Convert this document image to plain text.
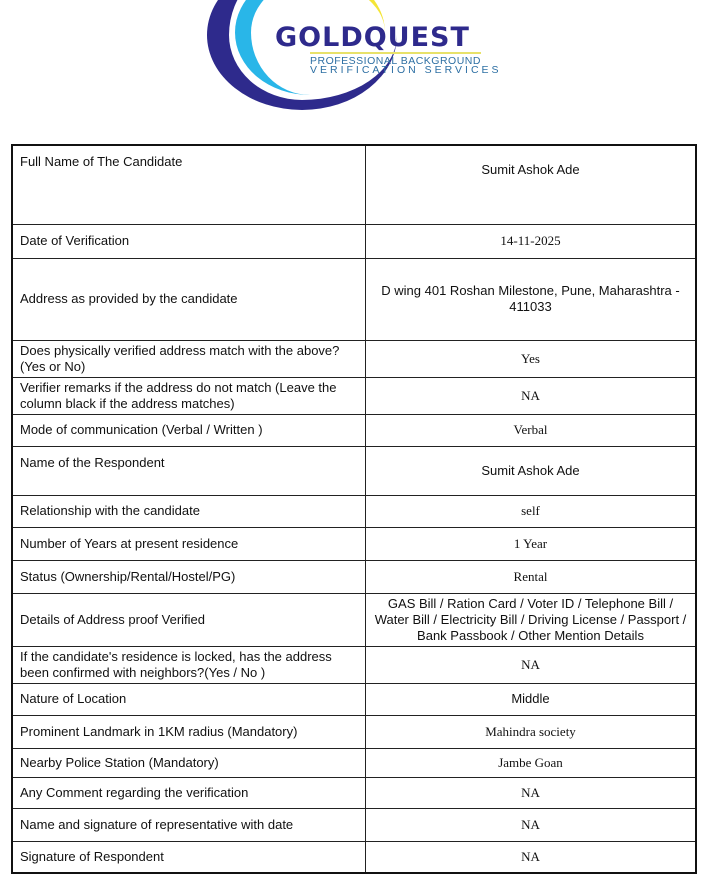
GOLDQUEST
PROFESSIONAL BACKGROUND
VERIFICATION SERVICES
Full Name of The Candidate	Sumit Ashok Ade
Date of Verification	14-11-2025
Address as provided by the candidate	D wing 401 Roshan Milestone, Pune, Maharashtra - 411033
Does physically verified address match with the above? (Yes or No)	Yes
Verifier remarks if the address do not match (Leave the column black if the address matches)	NA
Mode of communication (Verbal / Written )	Verbal
Name of the Respondent	Sumit Ashok Ade
Relationship with the candidate	self
Number of Years at present residence	1 Year
Status (Ownership/Rental/Hostel/PG)	Rental
Details of Address proof Verified	GAS Bill / Ration Card / Voter ID / Telephone Bill / Water Bill / Electricity Bill / Driving License / Passport / Bank Passbook / Other Mention Details
If the candidate's residence is locked, has the address been confirmed with neighbors?(Yes / No )	NA
Nature of Location	Middle
Prominent Landmark in 1KM radius (Mandatory)	Mahindra society
Nearby Police Station (Mandatory)	Jambe Goan
Any Comment regarding the verification	NA
Name and signature of representative with date	NA
Signature of Respondent	NA
